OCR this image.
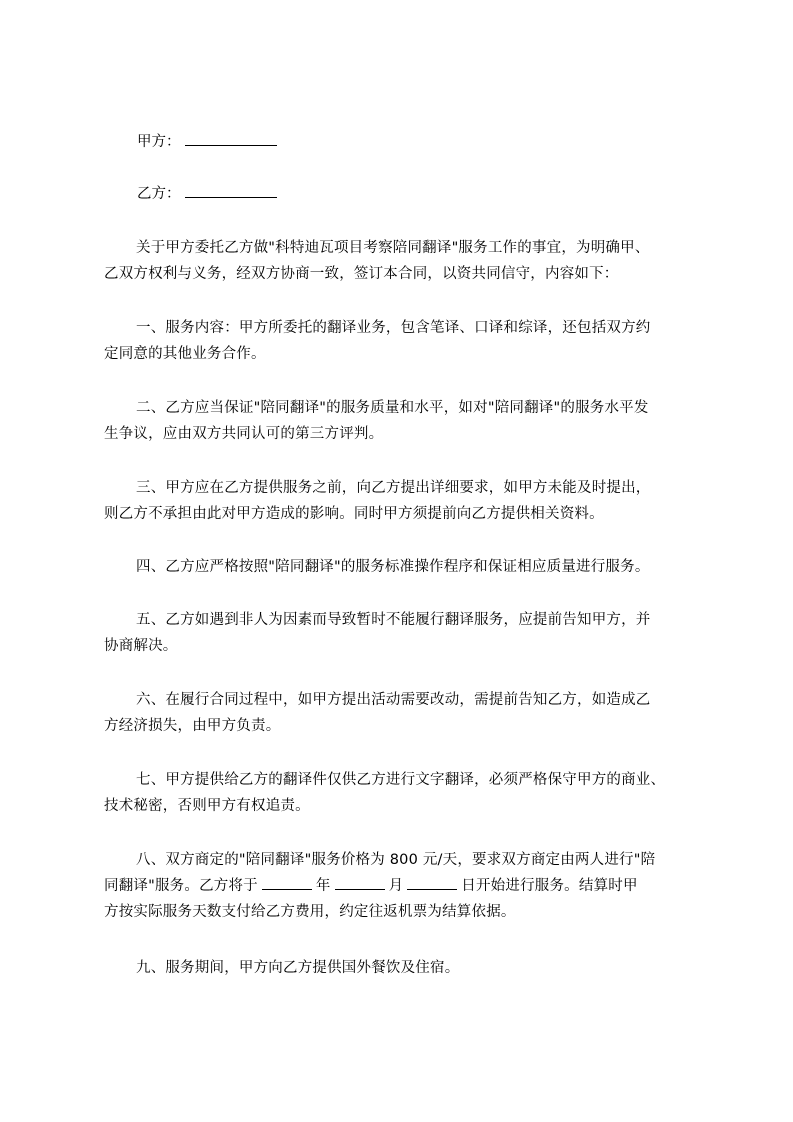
甲方：
乙方：
关于甲方委托乙方做"科特迪瓦项目考察陪同翻译"服务工作的事宜，为明确甲、
乙双方权利与义务，经双方协商一致，签订本合同，以资共同信守，内容如下：
一、服务内容：甲方所委托的翻译业务，包含笔译、口译和综译，还包括双方约
定同意的其他业务合作。
二、乙方应当保证"陪同翻译"的服务质量和水平，如对"陪同翻译"的服务水平发
生争议，应由双方共同认可的第三方评判。
三、甲方应在乙方提供服务之前，向乙方提出详细要求，如甲方未能及时提出，
则乙方不承担由此对甲方造成的影响。同时甲方须提前向乙方提供相关资料。
四、乙方应严格按照"陪同翻译"的服务标准操作程序和保证相应质量进行服务。
五、乙方如遇到非人为因素而导致暂时不能履行翻译服务，应提前告知甲方，并
协商解决。
六、在履行合同过程中，如甲方提出活动需要改动，需提前告知乙方，如造成乙
方经济损失，由甲方负责。
七、甲方提供给乙方的翻译件仅供乙方进行文字翻译，必须严格保守甲方的商业、
技术秘密，否则甲方有权追责。
八、双方商定的"陪同翻译"服务价格为 800 元/天，要求双方商定由两人进行"陪
同翻译"服务。乙方将于	年	月	日开始进行服务。结算时甲
方按实际服务天数支付给乙方费用，约定往返机票为结算依据。
九、服务期间，甲方向乙方提供国外餐饮及住宿。
